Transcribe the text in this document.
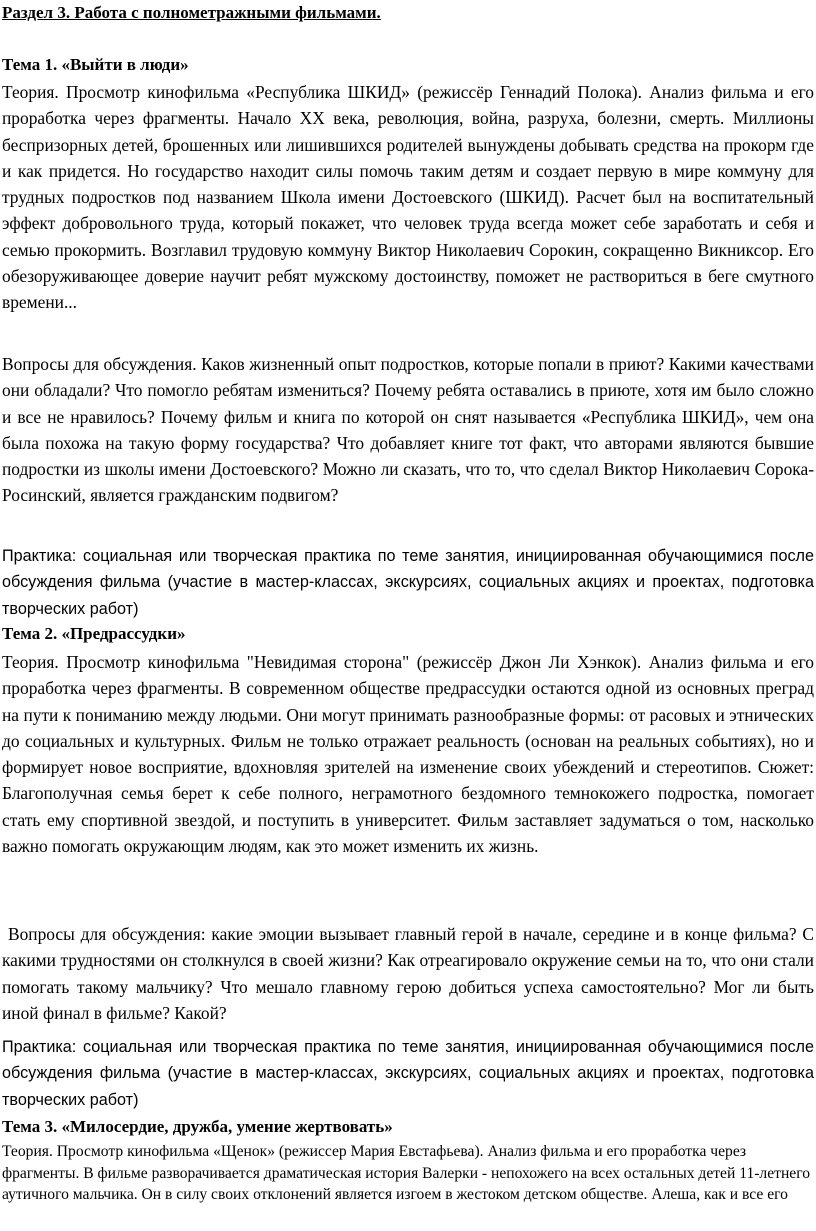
Раздел 3. Работа с полнометражными фильмами.
Тема 1. «Выйти в люди»

Теория. Просмотр кинофильма «Республика ШКИД» (режиссёр Геннадий Полока). Анализ фильма и его проработка через фрагменты. Начало ХХ века, революция, война, разруха, болезни, смерть. Миллионы беспризорных детей, брошенных или лишившихся родителей вынуждены добывать средства на прокорм где и как придется. Но государство находит силы помочь таким детям и создает первую в мире коммуну для трудных подростков под названием Школа имени Достоевского (ШКИД). Расчет был на воспитательный эффект добровольного труда, который покажет, что человек труда всегда может себе заработать и себя и семью прокормить. Возглавил трудовую коммуну Виктор Николаевич Сорокин, сокращенно Викниксор. Его обезоруживающее доверие научит ребят мужскому достоинству, поможет не раствориться в беге смутного времени...

Вопросы для обсуждения. Каков жизненный опыт подростков, которые попали в приют? Какими качествами они обладали? Что помогло ребятам измениться? Почему ребята оставались в приюте, хотя им было сложно и все не нравилось? Почему фильм и книга по которой он снят называется «Республика ШКИД», чем она была похожа на такую форму государства? Что добавляет книге тот факт, что авторами являются бывшие подростки из школы имени Достоевского? Можно ли сказать, что то, что сделал Виктор Николаевич Сорока-Росинский, является гражданским подвигом?

Практика: социальная или творческая практика по теме занятия, инициированная обучающимися после обсуждения фильма (участие в мастер-классах, экскурсиях, социальных акциях и проектах, подготовка творческих работ)

Тема 2. «Предрассудки»

Теория. Просмотр кинофильма "Невидимая сторона" (режиссёр Джон Ли Хэнкок). Анализ фильма и его проработка через фрагменты. В современном обществе предрассудки остаются одной из основных преград на пути к пониманию между людьми. Они могут принимать разнообразные формы: от расовых и этнических до социальных и культурных. Фильм не только отражает реальность (основан на реальных событиях), но и формирует новое восприятие, вдохновляя зрителей на изменение своих убеждений и стереотипов. Сюжет: Благополучная семья берет к себе полного, неграмотного бездомного темнокожего подростка, помогает стать ему спортивной звездой, и поступить в университет. Фильм заставляет задуматься о том, насколько важно помогать окружающим людям, как это может изменить их жизнь.

Вопросы для обсуждения: какие эмоции вызывает главный герой в начале, середине и в конце фильма? С какими трудностями он столкнулся в своей жизни? Как отреагировало окружение семьи на то, что они стали помогать такому мальчику? Что мешало главному герою добиться успеха самостоятельно? Мог ли быть иной финал в фильме? Какой?

Практика: социальная или творческая практика по теме занятия, инициированная обучающимися после обсуждения фильма (участие в мастер-классах, экскурсиях, социальных акциях и проектах, подготовка творческих работ)

Тема 3. «Милосердие, дружба, умение жертвовать»

Теория. Просмотр кинофильма «Щенок» (режиссер Мария Евстафьева). Анализ фильма и его проработка через фрагменты. В фильме разворачивается драматическая история Валерки - непохожего на всех остальных детей 11-летнего аутичного мальчика. Он в силу своих отклонений является изгоем в жестоком детском обществе. Алеша, как и все его
